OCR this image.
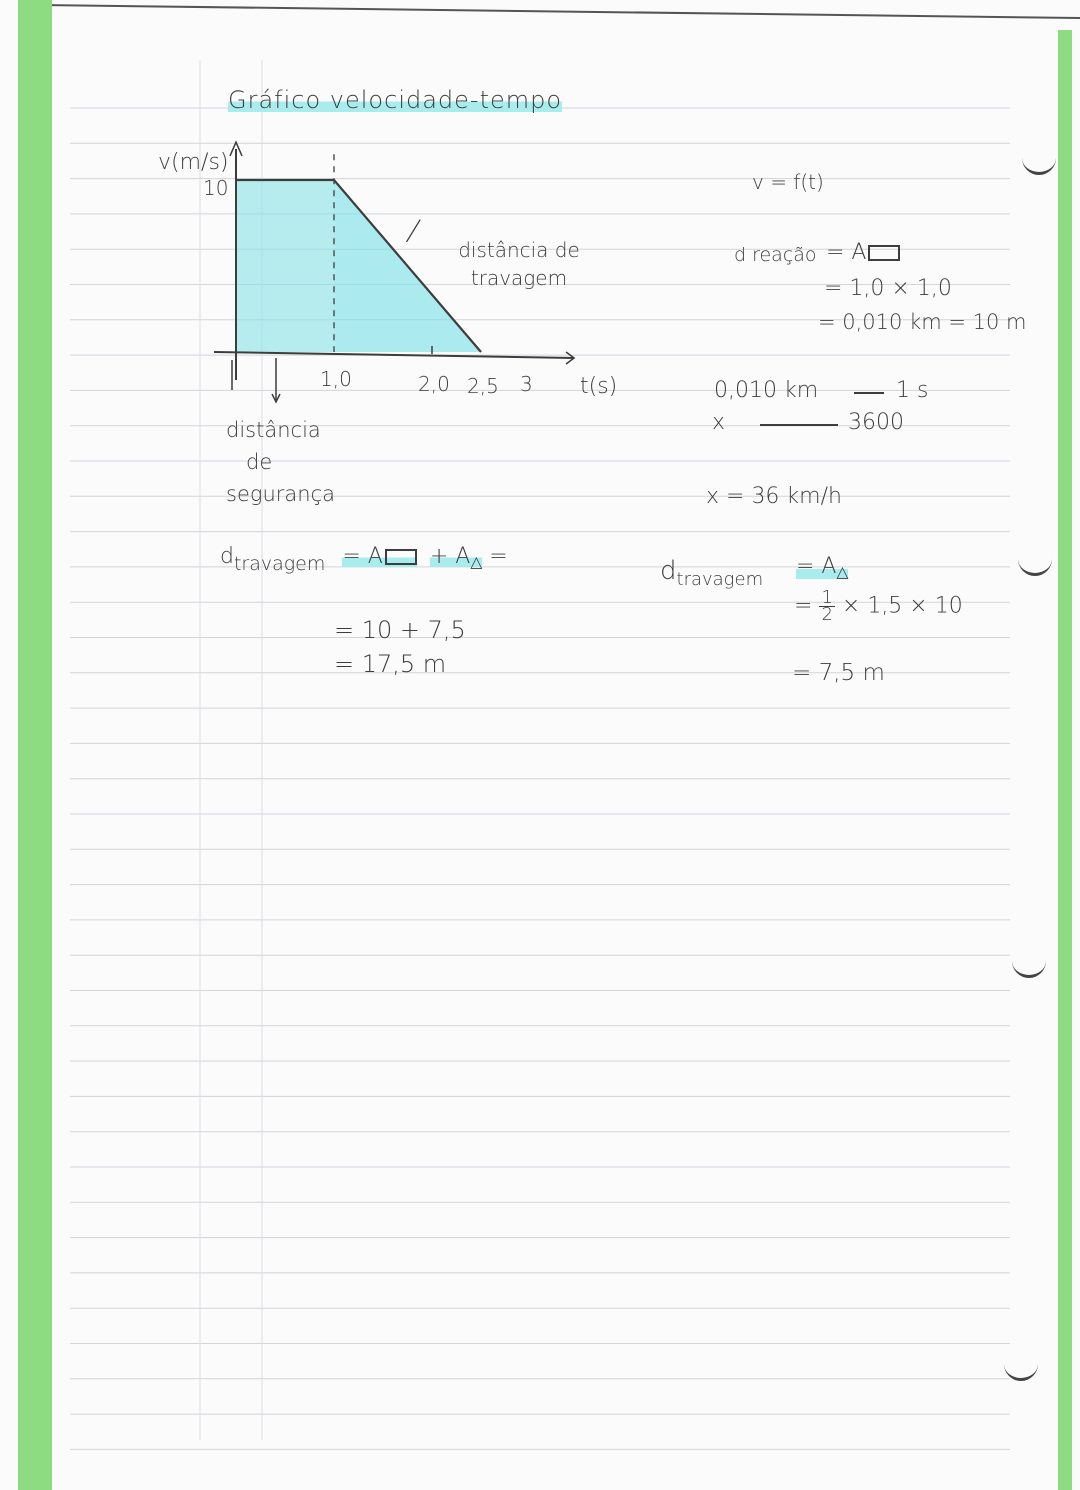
Gráfico velocidade-tempo
v(m/s)
10
1,0	2,0 2,5 3 t(s)
distância de travagem
distância
de
segurança
v = f(t)
d reação = A
= 1,0 × 1,0
= 0,010 km = 10 m
0,010 km	1 s
x	3600
x = 36 km/h
$d_{travagem}$
= A△
= $\frac{1}{2} \times 1,5 \times 10$
= 7,5 m
dtravagem = A + A△ =
= 10 + 7,5
= 17,5 m
